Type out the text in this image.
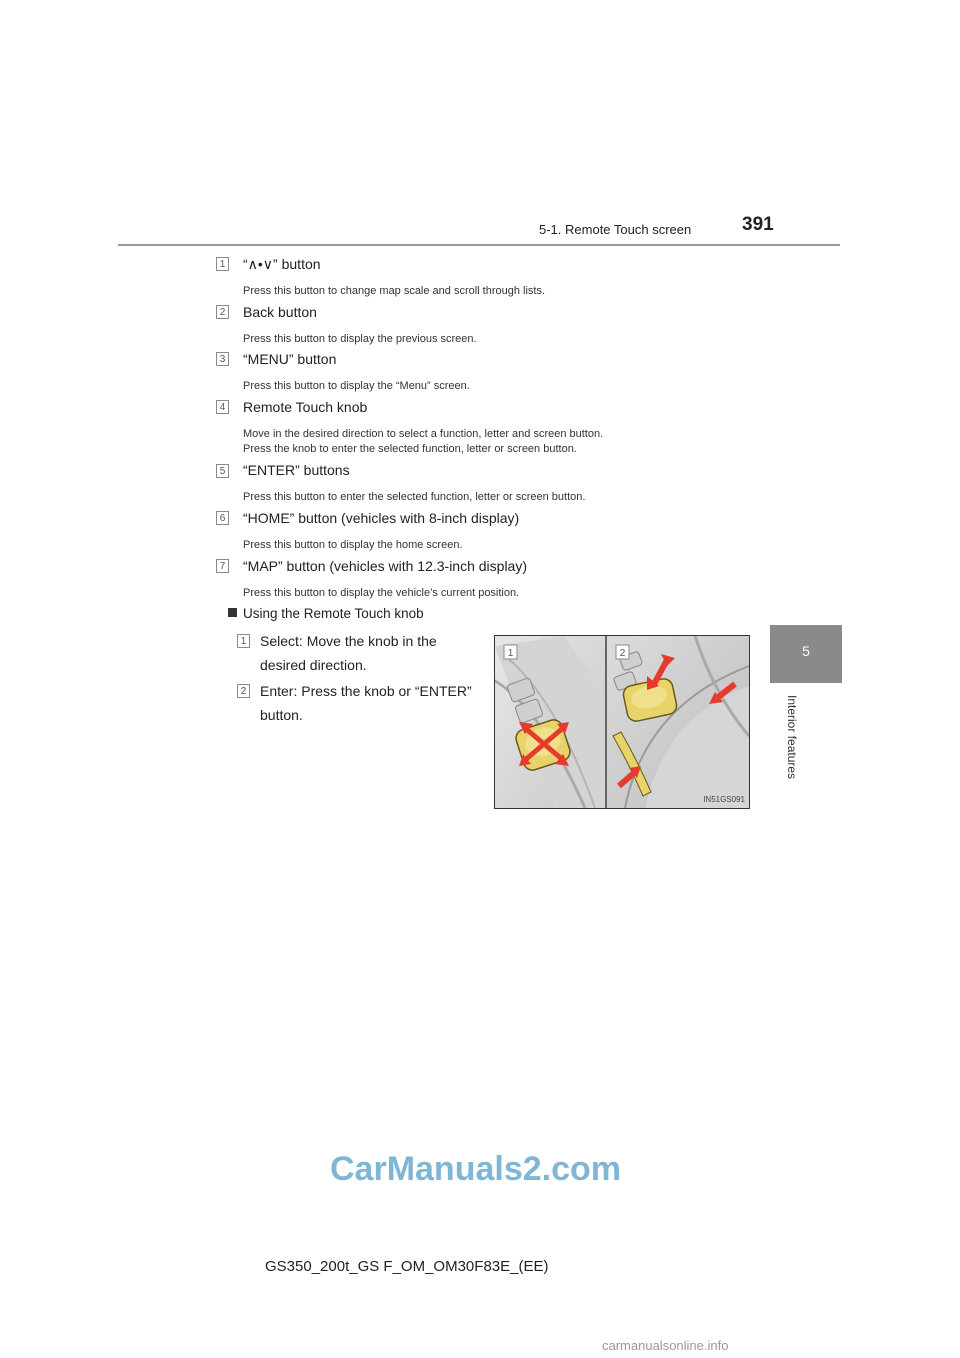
5-1. Remote Touch screen	391
5
Interior features
1 “∧•∨” button
Press this button to change map scale and scroll through lists.
2 Back button
Press this button to display the previous screen.
3 “MENU” button
Press this button to display the “Menu” screen.
4 Remote Touch knob
Move in the desired direction to select a function, letter and screen button.
Press the knob to enter the selected function, letter or screen button.
5 “ENTER” buttons
Press this button to enter the selected function, letter or screen button.
6 “HOME” button (vehicles with 8-inch display)
Press this button to display the home screen.
7 “MAP” button (vehicles with 12.3-inch display)
Press this button to display the vehicle’s current position.
Using the Remote Touch knob
1 Select: Move the knob in the
desired direction.
2 Enter: Press the knob or “ENTER”
button.
1	2
IN51GS091
GS350_200t_GS F_OM_OM30F83E_(EE)
CarManuals2.com
carmanualsonline.info
